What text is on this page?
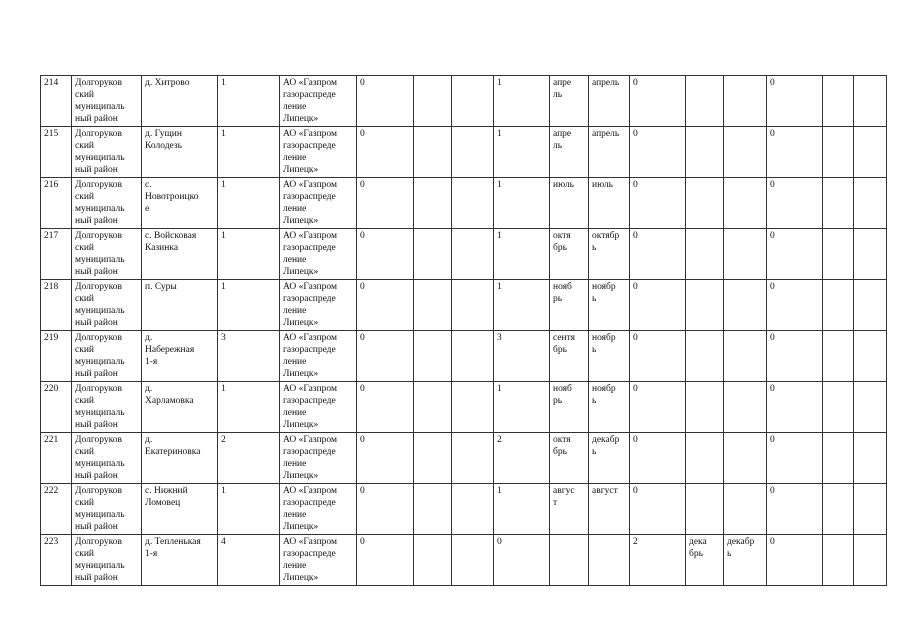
214	Долгоруков
ский
муниципаль
ный район	д. Хитрово	1	АО «Газпром
газораспреде
ление
Липецк»	0			1	апре
ль	апрель	0			0		
215	Долгоруков
ский
муниципаль
ный район	д. Гущин
Колодезь	1	АО «Газпром
газораспреде
ление
Липецк»	0			1	апре
ль	апрель	0			0		
216	Долгоруков
ский
муниципаль
ный район	с.
Новотроицко
е	1	АО «Газпром
газораспреде
ление
Липецк»	0			1	июль	июль	0			0		
217	Долгоруков
ский
муниципаль
ный район	с. Войсковая
Казинка	1	АО «Газпром
газораспреде
ление
Липецк»	0			1	октя
брь	октябр
ь	0			0		
218	Долгоруков
ский
муниципаль
ный район	п. Суры	1	АО «Газпром
газораспреде
ление
Липецк»	0			1	нояб
рь	ноябр
ь	0			0		
219	Долгоруков
ский
муниципаль
ный район	д.
Набережная
1-я	3	АО «Газпром
газораспреде
ление
Липецк»	0			3	сентя
брь	ноябр
ь	0			0		
220	Долгоруков
ский
муниципаль
ный район	д.
Харламовка	1	АО «Газпром
газораспреде
ление
Липецк»	0			1	нояб
рь	ноябр
ь	0			0		
221	Долгоруков
ский
муниципаль
ный район	д.
Екатериновка	2	АО «Газпром
газораспреде
ление
Липецк»	0			2	октя
брь	декабр
ь	0			0		
222	Долгоруков
ский
муниципаль
ный район	с. Нижний
Ломовец	1	АО «Газпром
газораспреде
ление
Липецк»	0			1	авгус
т	август	0			0		
223	Долгоруков
ский
муниципаль
ный район	д. Тепленькая
1-я	4	АО «Газпром
газораспреде
ление
Липецк»	0			0			2	дека
брь	декабр
ь	0		
